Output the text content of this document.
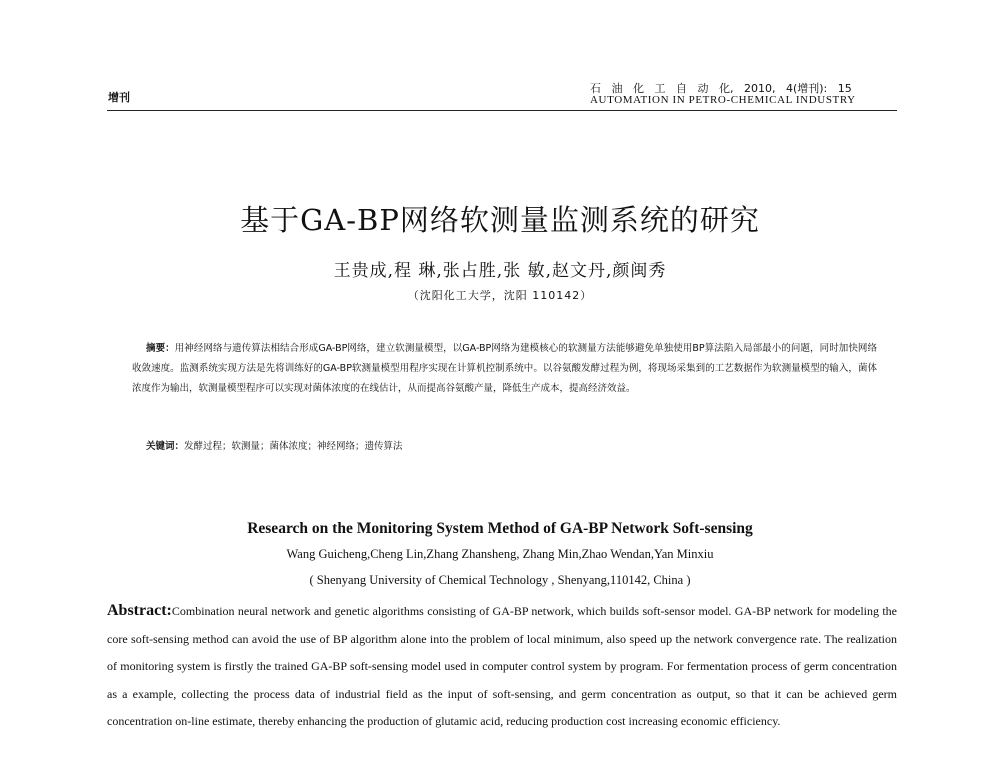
增刊
石 油 化 工 自 动 化, 2010, 4(增刊): 15
AUTOMATION IN PETRO-CHEMICAL INDUSTRY
基于GA-BP网络软测量监测系统的研究
王贵成,程 琳,张占胜,张 敏,赵文丹,颜闽秀
（沈阳化工大学，沈阳 110142）
摘要：用神经网络与遗传算法相结合形成GA-BP网络，建立软测量模型，以GA-BP网络为建模核心的软测量方法能够避免单独使用BP算法陷入局部最小的问题，同时加快网络收敛速度。监测系统实现方法是先将训练好的GA-BP软测量模型用程序实现在计算机控制系统中。以谷氨酸发酵过程为例，将现场采集到的工艺数据作为软测量模型的输入，菌体浓度作为输出，软测量模型程序可以实现对菌体浓度的在线估计，从而提高谷氨酸产量，降低生产成本，提高经济效益。
关键词：发酵过程；软测量；菌体浓度；神经网络；遗传算法
Research on the Monitoring System Method of GA-BP Network Soft-sensing
Wang Guicheng,Cheng Lin,Zhang Zhansheng, Zhang Min,Zhao Wendan,Yan Minxiu
( Shenyang University of Chemical Technology , Shenyang,110142, China )
Abstract:Combination neural network and genetic algorithms consisting of GA-BP network, which builds soft-sensor model. GA-BP network for modeling the core soft-sensing method can avoid the use of BP algorithm alone into the problem of local minimum, also speed up the network convergence rate. The realization of monitoring system is firstly the trained GA-BP soft-sensing model used in computer control system by program. For fermentation process of germ concentration as a example, collecting the process data of industrial field as the input of soft-sensing, and germ concentration as output, so that it can be achieved germ concentration on-line estimate, thereby enhancing the production of glutamic acid, reducing production cost increasing economic efficiency.
